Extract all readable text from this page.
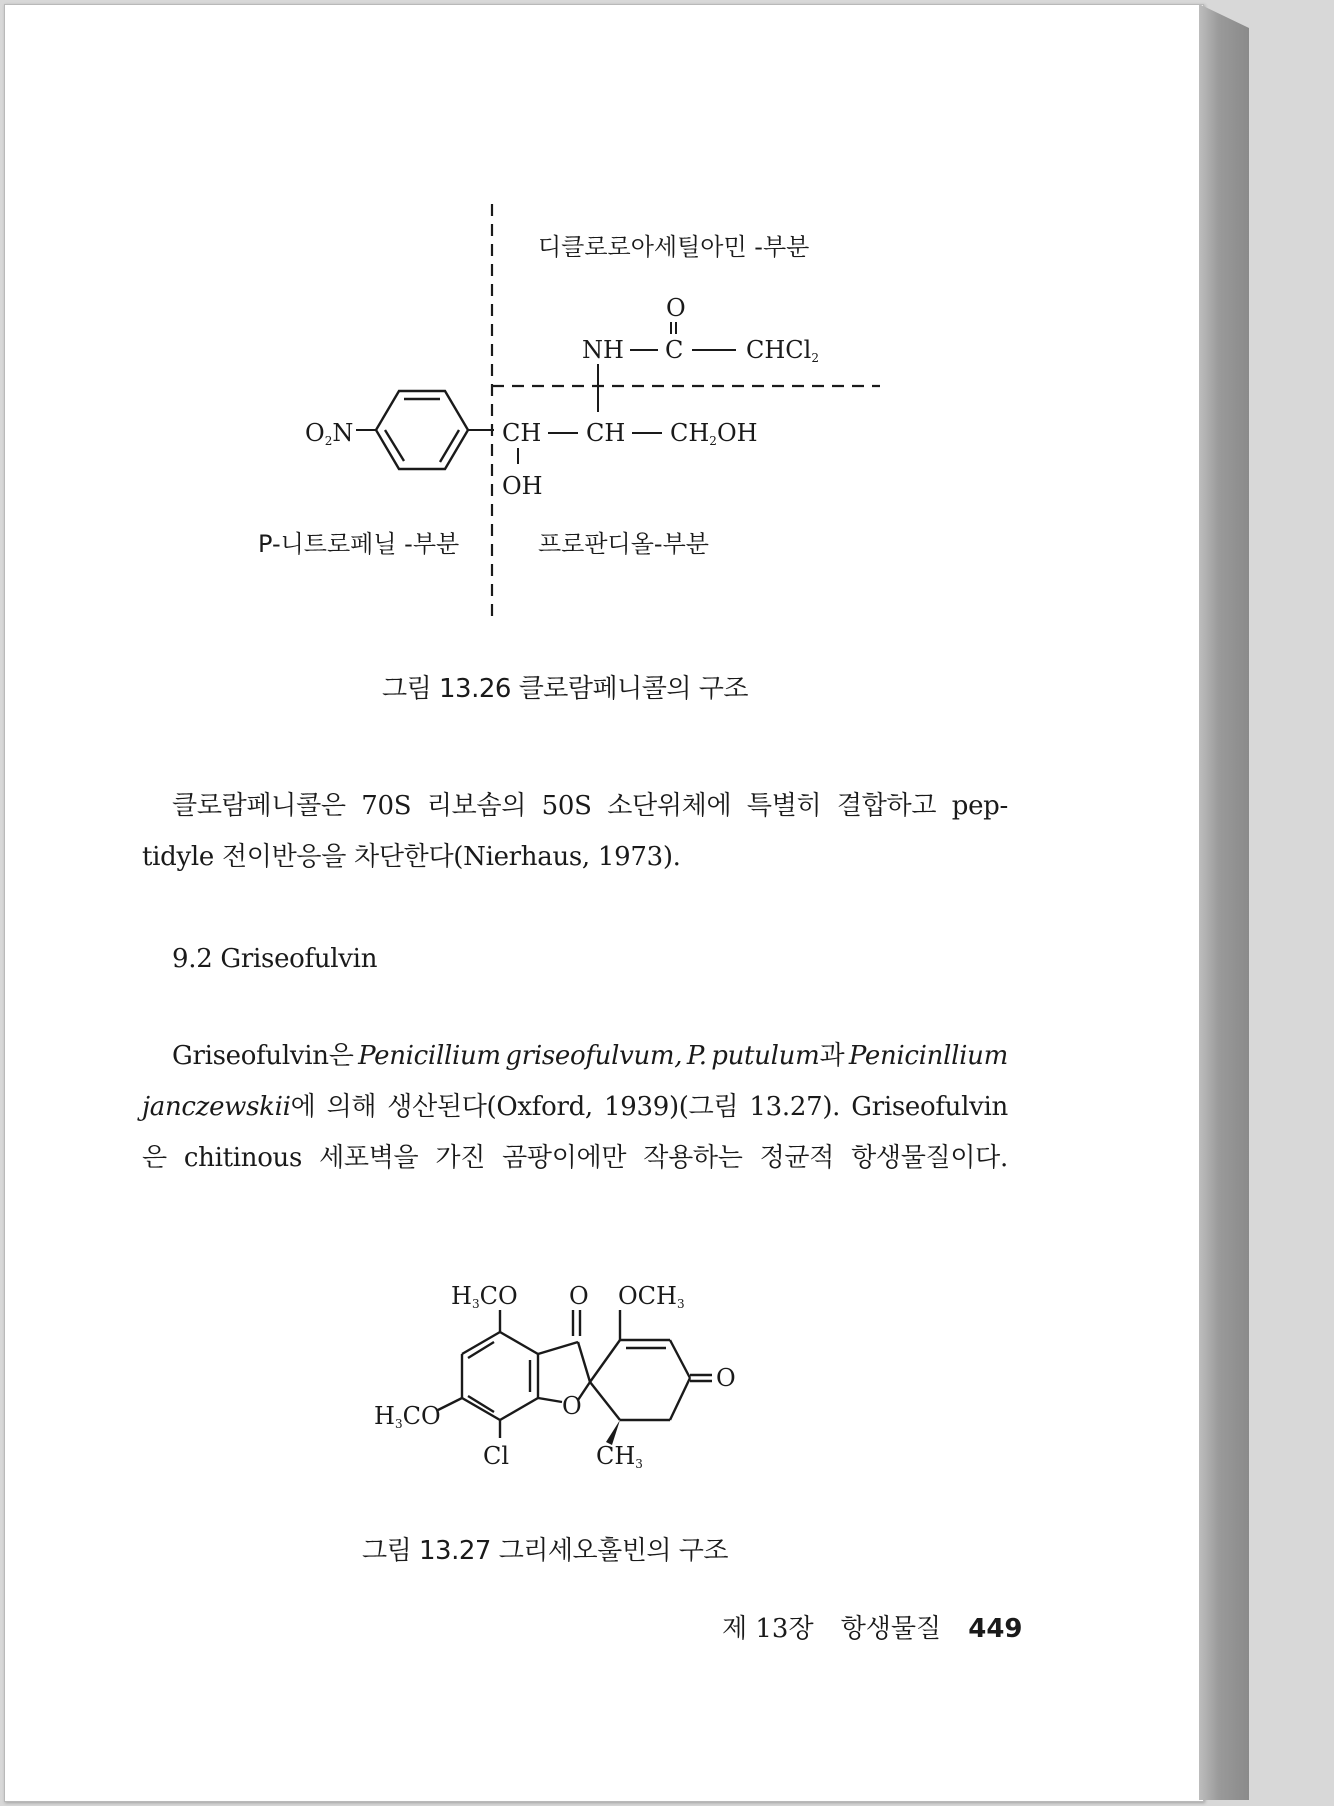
디클로로아세틸아민 -부분
P-니트로페닐 -부분	프로판디올-부분
O
NH C	CHCl2
O2N	CH CH CH2OH
OH
그림 13.26 클로람페니콜의 구조
클로람페니콜은 70S 리보솜의 50S 소단위체에 특별히 결합하고 pep-
tidyle 전이반응을 차단한다(Nierhaus, 1973).
9.2 Griseofulvin
Griseofulvin은 Penicillium griseofulvum, P. putulum과 Penicinllium
janczewskii에 의해 생산된다(Oxford, 1939)(그림 13.27). Griseofulvin
은 chitinous 세포벽을 가진 곰팡이에만 작용하는 정균적 항생물질이다.
H3CO O OCH3
O
H3CO	O
Cl	CH3
그림 13.27 그리세오훌빈의 구조
제 13장 항생물질 449
